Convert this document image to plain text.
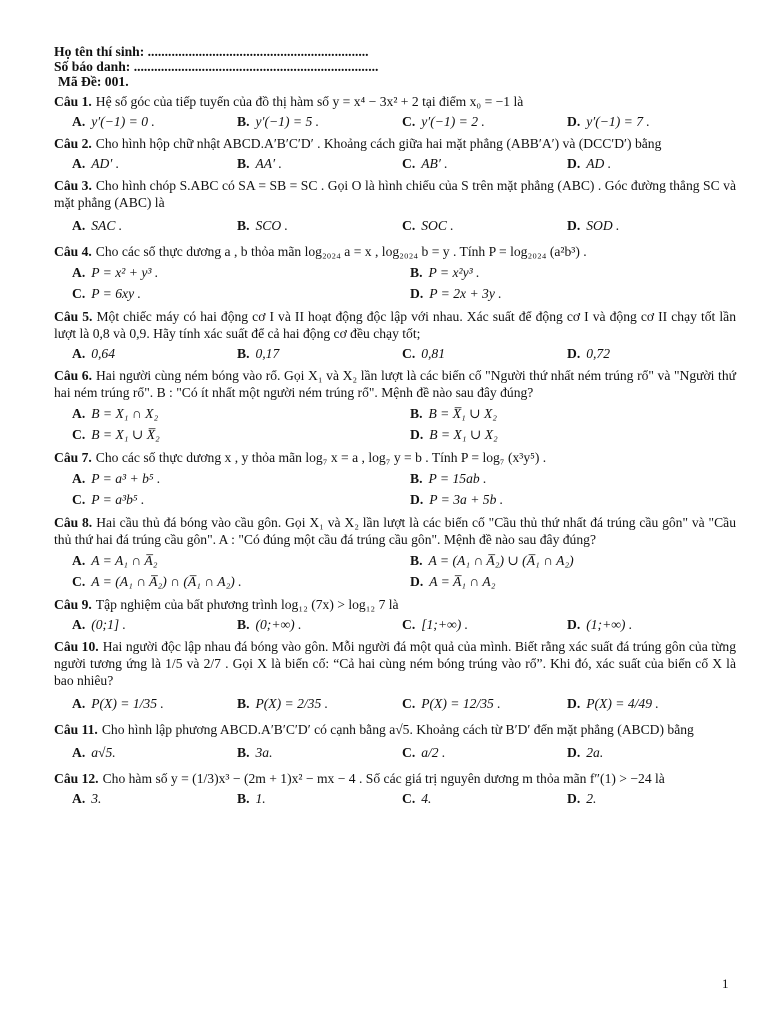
Họ tên thí sinh: .................................................................
Số báo danh: ........................................................................
Mã Đề: 001.
Câu 1. Hệ số góc của tiếp tuyến của đồ thị hàm số y = x⁴ − 3x² + 2 tại điểm x₀ = −1 là
A. y′(−1) = 0 .	B. y′(−1) = 5 .	C. y′(−1) = 2 .	D. y′(−1) = 7 .
Câu 2. Cho hình hộp chữ nhật ABCD.A′B′C′D′ . Khoảng cách giữa hai mặt phẳng (ABB′A′) và (DCC′D′) bằng
A. AD′ .	B. AA′ .	C. AB′ .	D. AD .
Câu 3. Cho hình chóp S.ABC có SA = SB = SC . Gọi O là hình chiếu của S trên mặt phẳng (ABC) . Góc đường thẳng SC và mặt phẳng (ABC) là
A. SAC .	B. SCO .	C. SOC .	D. SOD .
Câu 4. Cho các số thực dương a , b thỏa mãn log₂₀₂₄ a = x , log₂₀₂₄ b = y . Tính P = log₂₀₂₄ (a²b³) .
A. P = x² + y³ .	B. P = x²y³ .
C. P = 6xy .	D. P = 2x + 3y .
Câu 5. Một chiếc máy có hai động cơ I và II hoạt động độc lập với nhau. Xác suất để động cơ I và động cơ II chạy tốt lần lượt là 0,8 và 0,9. Hãy tính xác suất để cả hai động cơ đều chạy tốt;
A. 0,64	B. 0,17	C. 0,81	D. 0,72
Câu 6. Hai người cùng ném bóng vào rổ. Gọi X₁ và X₂ lần lượt là các biến cố "Người thứ nhất ném trúng rổ" và "Người thứ hai ném trúng rổ". B : "Có ít nhất một người ném trúng rổ". Mệnh đề nào sau đây đúng?
A. B = X₁ ∩ X₂	B. B = X̅₁ ∪ X₂
C. B = X₁ ∪ X̅₂	D. B = X₁ ∪ X₂
Câu 7. Cho các số thực dương x , y thỏa mãn log₇ x = a , log₇ y = b . Tính P = log₇ (x³y⁵) .
A. P = a³ + b⁵ .	B. P = 15ab .
C. P = a³b⁵ .	D. P = 3a + 5b .
Câu 8. Hai cầu thủ đá bóng vào cầu gôn. Gọi X₁ và X₂ lần lượt là các biến cố "Cầu thủ thứ nhất đá trúng cầu gôn" và "Cầu thủ thứ hai đá trúng cầu gôn". A : "Có đúng một cầu đá trúng cầu gôn". Mệnh đề nào sau đây đúng?
A. A = A₁ ∩ A̅₂	B. A = (A₁ ∩ A̅₂) ∪ (A̅₁ ∩ A₂)
C. A = (A₁ ∩ A̅₂) ∩ (A̅₁ ∩ A₂) .	D. A = A̅₁ ∩ A₂
Câu 9. Tập nghiệm của bất phương trình log₁₂ (7x) > log₁₂ 7 là
A. (0;1] .	B. (0;+∞) .	C. [1;+∞) .	D. (1;+∞) .
Câu 10. Hai người độc lập nhau đá bóng vào gôn. Mỗi người đá một quả của mình. Biết rằng xác suất đá trúng gôn của từng người tương ứng là 1/5 và 2/7 . Gọi X là biến cố: “Cả hai cùng ném bóng trúng vào rổ”. Khi đó, xác suất của biến cố X là bao nhiêu?
A. P(X) = 1/35 .	B. P(X) = 2/35 .	C. P(X) = 12/35 .	D. P(X) = 4/49 .
Câu 11. Cho hình lập phương ABCD.A′B′C′D′ có cạnh bằng a√5. Khoảng cách từ B′D′ đến mặt phẳng (ABCD) bằng
A. a√5.	B. 3a.	C. a/2 .	D. 2a.
Câu 12. Cho hàm số y = (1/3)x³ − (2m + 1)x² − mx − 4 . Số các giá trị nguyên dương m thỏa mãn f″(1) > −24 là
A. 3.	B. 1.	C. 4.	D. 2.
1
